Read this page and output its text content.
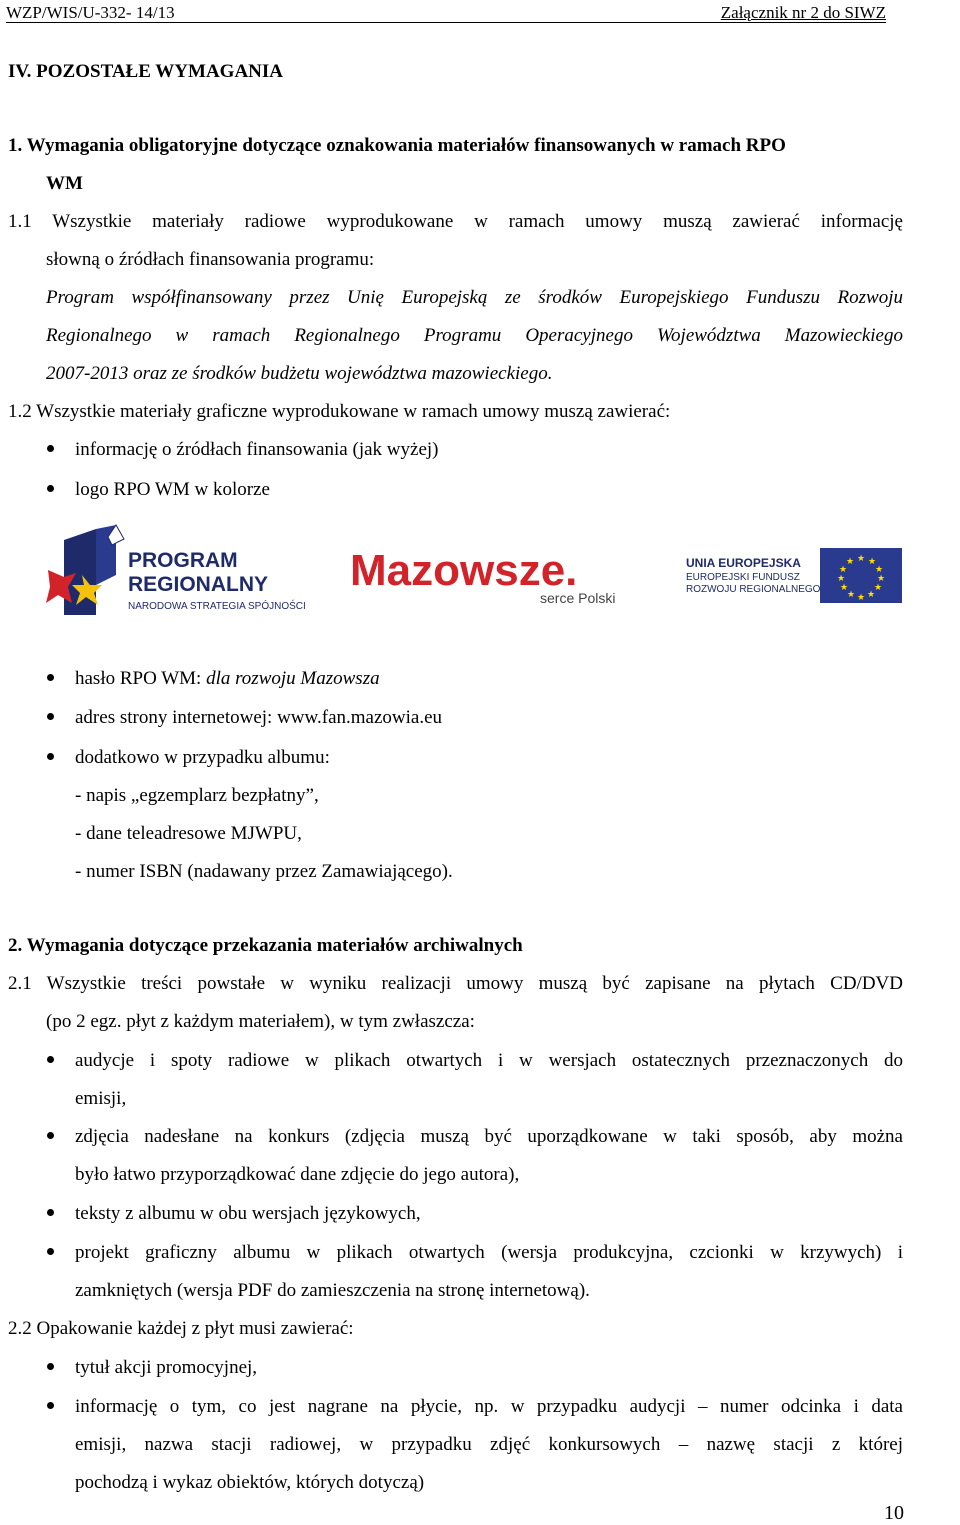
WZP/WIS/U-332- 14/13	Załącznik nr 2 do SIWZ
IV. POZOSTAŁE WYMAGANIA
1. Wymagania obligatoryjne dotyczące oznakowania materiałów finansowanych w ramach RPO
WM
1.1 Wszystkie materiały radiowe wyprodukowane w ramach umowy muszą zawierać informację
słowną o źródłach finansowania programu:
Program współfinansowany przez Unię Europejską ze środków Europejskiego Funduszu Rozwoju
Regionalnego w ramach Regionalnego Programu Operacyjnego Województwa Mazowieckiego
2007-2013 oraz ze środków budżetu województwa mazowieckiego.
1.2 Wszystkie materiały graficzne wyprodukowane w ramach umowy muszą zawierać:
informację o źródłach finansowania (jak wyżej)
logo RPO WM w kolorze
PROGRAM
REGIONALNY
NARODOWA STRATEGIA SPÓJNOŚCI
Mazowsze.
serce Polski
UNIA EUROPEJSKA
EUROPEJSKI FUNDUSZ
ROZWOJU REGIONALNEGO
★ ★
★
★
★
★
★
★
★
★
★
★
hasło RPO WM: dla rozwoju Mazowsza
adres strony internetowej: www.fan.mazowia.eu
dodatkowo w przypadku albumu:
- napis „egzemplarz bezpłatny”,
- dane teleadresowe MJWPU,
- numer ISBN (nadawany przez Zamawiającego).
2. Wymagania dotyczące przekazania materiałów archiwalnych
2.1 Wszystkie treści powstałe w wyniku realizacji umowy muszą być zapisane na płytach CD/DVD
(po 2 egz. płyt z każdym materiałem), w tym zwłaszcza:
audycje i spoty radiowe w plikach otwartych i w wersjach ostatecznych przeznaczonych do
emisji,
zdjęcia nadesłane na konkurs (zdjęcia muszą być uporządkowane w taki sposób, aby można
było łatwo przyporządkować dane zdjęcie do jego autora),
teksty z albumu w obu wersjach językowych,
projekt graficzny albumu w plikach otwartych (wersja produkcyjna, czcionki w krzywych) i
zamkniętych (wersja PDF do zamieszczenia na stronę internetową).
2.2 Opakowanie każdej z płyt musi zawierać:
tytuł akcji promocyjnej,
informację o tym, co jest nagrane na płycie, np. w przypadku audycji – numer odcinka i data
emisji, nazwa stacji radiowej, w przypadku zdjęć konkursowych – nazwę stacji z której
pochodzą i wykaz obiektów, których dotyczą)
10
